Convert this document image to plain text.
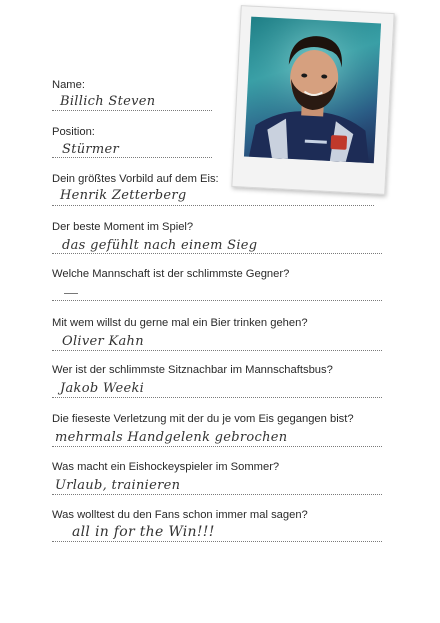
Name:
Billich Steven
Position:
Stürmer
Dein größtes Vorbild auf dem Eis:
Henrik Zetterberg
Der beste Moment im Spiel?
das gefühlt nach einem Sieg
Welche Mannschaft ist der schlimmste Gegner?
Mit wem willst du gerne mal ein Bier trinken gehen?
Oliver Kahn
Wer ist der schlimmste Sitznachbar im Mannschaftsbus?
Jakob Weeki
Die fieseste Verletzung mit der du je vom Eis gegangen bist?
mehrmals Handgelenk gebrochen
Was macht ein Eishockeyspieler im Sommer?
Urlaub, trainieren
Was wolltest du den Fans schon immer mal sagen?
all in for the Win!!!
